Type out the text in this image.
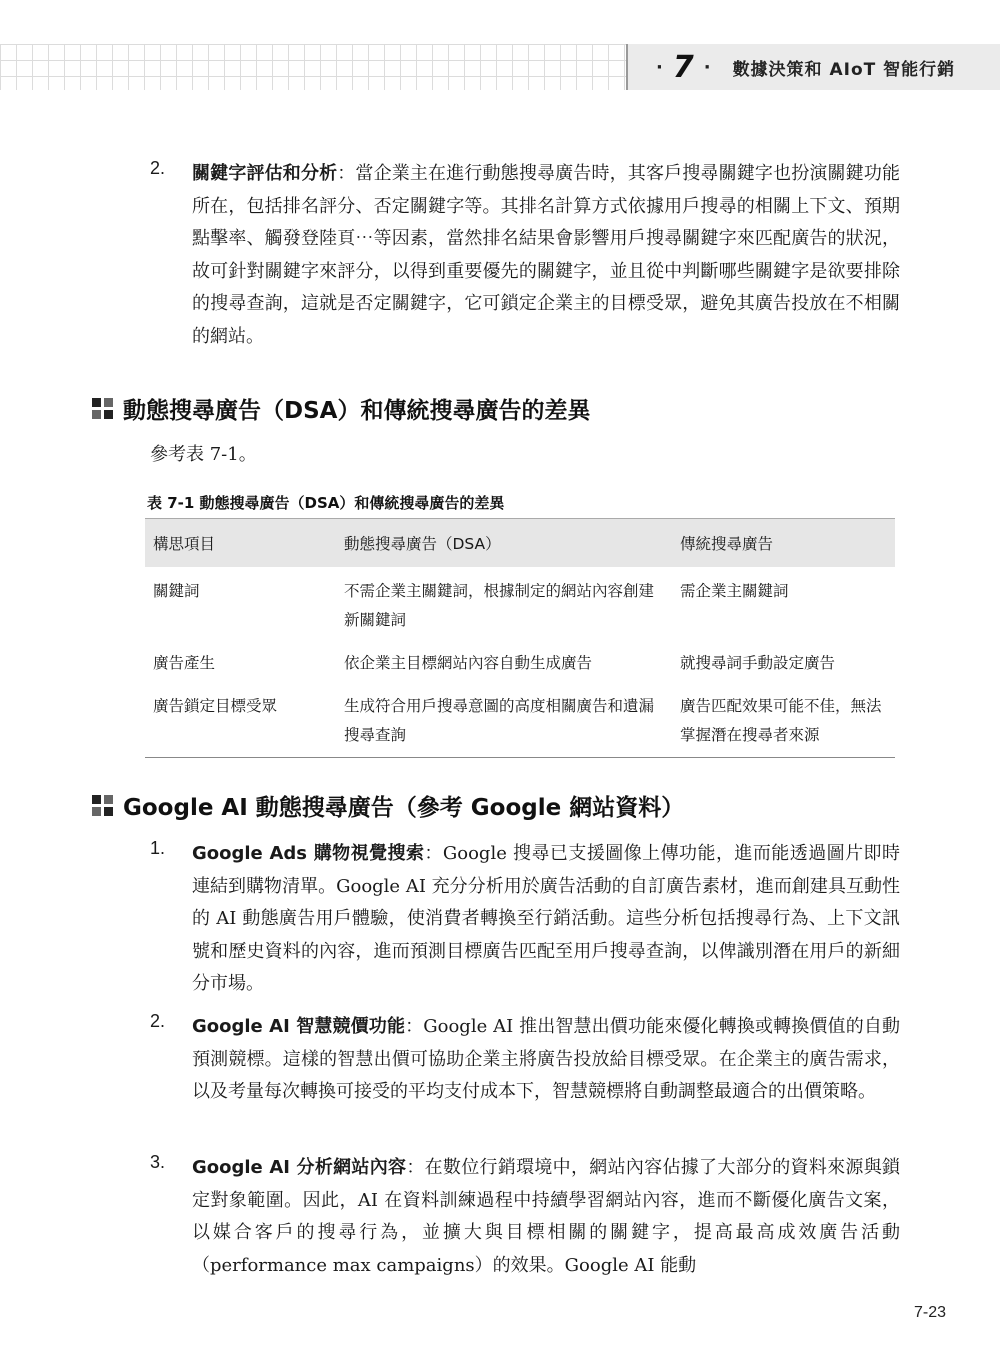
· 7 · 數據決策和 AIoT 智能行銷
2.	關鍵字評估和分析：當企業主在進行動態搜尋廣告時，其客戶搜尋關鍵字也扮演關鍵功能所在，包括排名評分、否定關鍵字等。其排名計算方式依據用戶搜尋的相關上下文、預期點擊率、觸發登陸頁⋯等因素，當然排名結果會影響用戶搜尋關鍵字來匹配廣告的狀況，故可針對關鍵字來評分，以得到重要優先的關鍵字，並且從中判斷哪些關鍵字是欲要排除的搜尋查詢，這就是否定關鍵字，它可鎖定企業主的目標受眾，避免其廣告投放在不相關的網站。
動態搜尋廣告（DSA）和傳統搜尋廣告的差異
參考表 7-1。
表 7-1 動態搜尋廣告（DSA）和傳統搜尋廣告的差異
構思項目	動態搜尋廣告（DSA）	傳統搜尋廣告
關鍵詞	不需企業主關鍵詞，根據制定的網站內容創建新關鍵詞	需企業主關鍵詞
廣告產生	依企業主目標網站內容自動生成廣告	就搜尋詞手動設定廣告
廣告鎖定目標受眾	生成符合用戶搜尋意圖的高度相關廣告和遺漏搜尋查詢	廣告匹配效果可能不佳，無法掌握潛在搜尋者來源
Google AI 動態搜尋廣告（參考 Google 網站資料）
1.	Google Ads 購物視覺搜索：Google 搜尋已支援圖像上傳功能，進而能透過圖片即時連結到購物清單。Google AI 充分分析用於廣告活動的自訂廣告素材，進而創建具互動性的 AI 動態廣告用戶體驗，使消費者轉換至行銷活動。這些分析包括搜尋行為、上下文訊號和歷史資料的內容，進而預測目標廣告匹配至用戶搜尋查詢，以俾識別潛在用戶的新細分市場。
2.	Google AI 智慧競價功能：Google AI 推出智慧出價功能來優化轉換或轉換價值的自動預測競標。這樣的智慧出價可協助企業主將廣告投放給目標受眾。在企業主的廣告需求，以及考量每次轉換可接受的平均支付成本下，智慧競標將自動調整最適合的出價策略。
3.	Google AI 分析網站內容：在數位行銷環境中，網站內容佔據了大部分的資料來源與鎖定對象範圍。因此，AI 在資料訓練過程中持續學習網站內容，進而不斷優化廣告文案，以媒合客戶的搜尋行為，並擴大與目標相關的關鍵字，提高最高成效廣告活動（performance max campaigns）的效果。Google AI 能動
7-23
